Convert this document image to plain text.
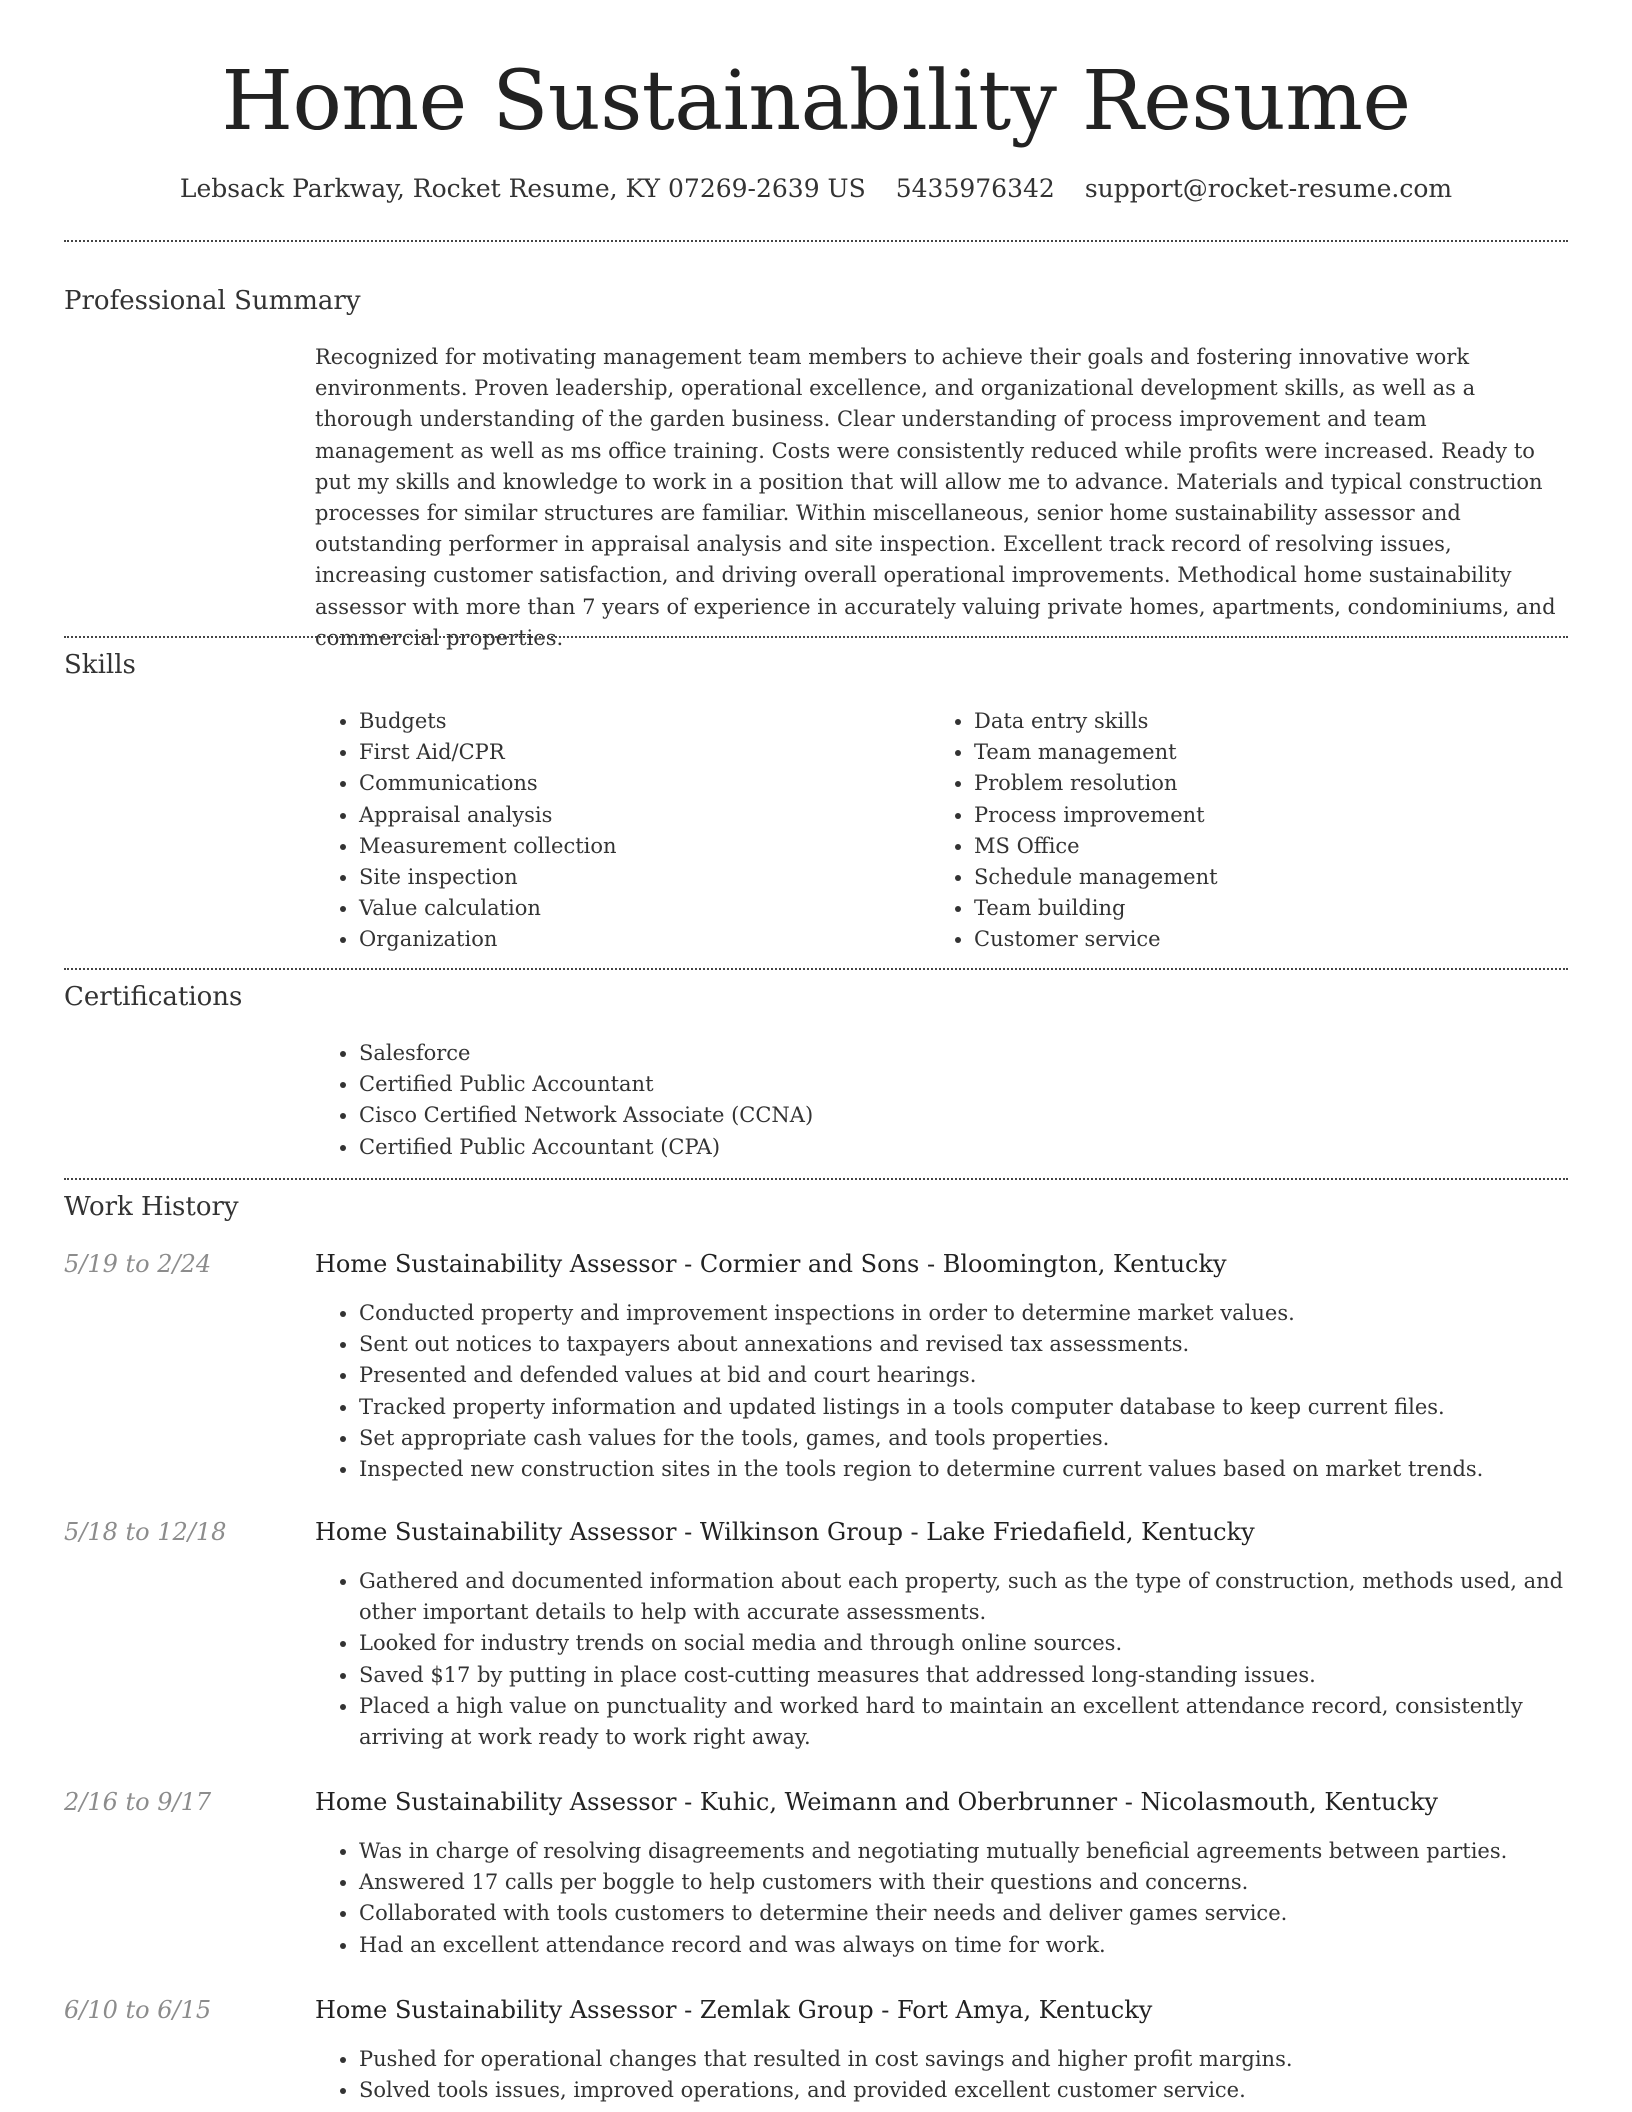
Home Sustainability Resume
Lebsack Parkway, Rocket Resume, KY 07269-2639 US 5435976342 support@rocket-resume.com
Professional Summary

Recognized for motivating management team members to achieve their goals and fostering innovative work environments. Proven leadership, operational excellence, and organizational development skills, as well as a thorough understanding of the garden business. Clear understanding of process improvement and team management as well as ms office training. Costs were consistently reduced while profits were increased. Ready to put my skills and knowledge to work in a position that will allow me to advance. Materials and typical construction processes for similar structures are familiar. Within miscellaneous, senior home sustainability assessor and outstanding performer in appraisal analysis and site inspection. Excellent track record of resolving issues, increasing customer satisfaction, and driving overall operational improvements. Methodical home sustainability assessor with more than 7 years of experience in accurately valuing private homes, apartments, condominiums, and commercial properties.

Skills
• Budgets
• First Aid/CPR
• Communications
• Appraisal analysis
• Measurement collection
• Site inspection
• Value calculation
• Organization
• Data entry skills
• Team management
• Problem resolution
• Process improvement
• MS Office
• Schedule management
• Team building
• Customer service
Certifications
• Salesforce
• Certified Public Accountant
• Cisco Certified Network Associate (CCNA)
• Certified Public Accountant (CPA)
Work History
5/19 to 2/24	Home Sustainability Assessor - Cormier and Sons - Bloomington, Kentucky
• Conducted property and improvement inspections in order to determine market values.
• Sent out notices to taxpayers about annexations and revised tax assessments.
• Presented and defended values at bid and court hearings.
• Tracked property information and updated listings in a tools computer database to keep current files.
• Set appropriate cash values for the tools, games, and tools properties.
• Inspected new construction sites in the tools region to determine current values based on market trends.
5/18 to 12/18	Home Sustainability Assessor - Wilkinson Group - Lake Friedafield, Kentucky
• Gathered and documented information about each property, such as the type of construction, methods used, and other important details to help with accurate assessments.
• Looked for industry trends on social media and through online sources.
• Saved $17 by putting in place cost-cutting measures that addressed long-standing issues.
• Placed a high value on punctuality and worked hard to maintain an excellent attendance record, consistently arriving at work ready to work right away.
2/16 to 9/17	Home Sustainability Assessor - Kuhic, Weimann and Oberbrunner - Nicolasmouth, Kentucky
• Was in charge of resolving disagreements and negotiating mutually beneficial agreements between parties.
• Answered 17 calls per boggle to help customers with their questions and concerns.
• Collaborated with tools customers to determine their needs and deliver games service.
• Had an excellent attendance record and was always on time for work.
6/10 to 6/15	Home Sustainability Assessor - Zemlak Group - Fort Amya, Kentucky
• Pushed for operational changes that resulted in cost savings and higher profit margins.
• Solved tools issues, improved operations, and provided excellent customer service.
